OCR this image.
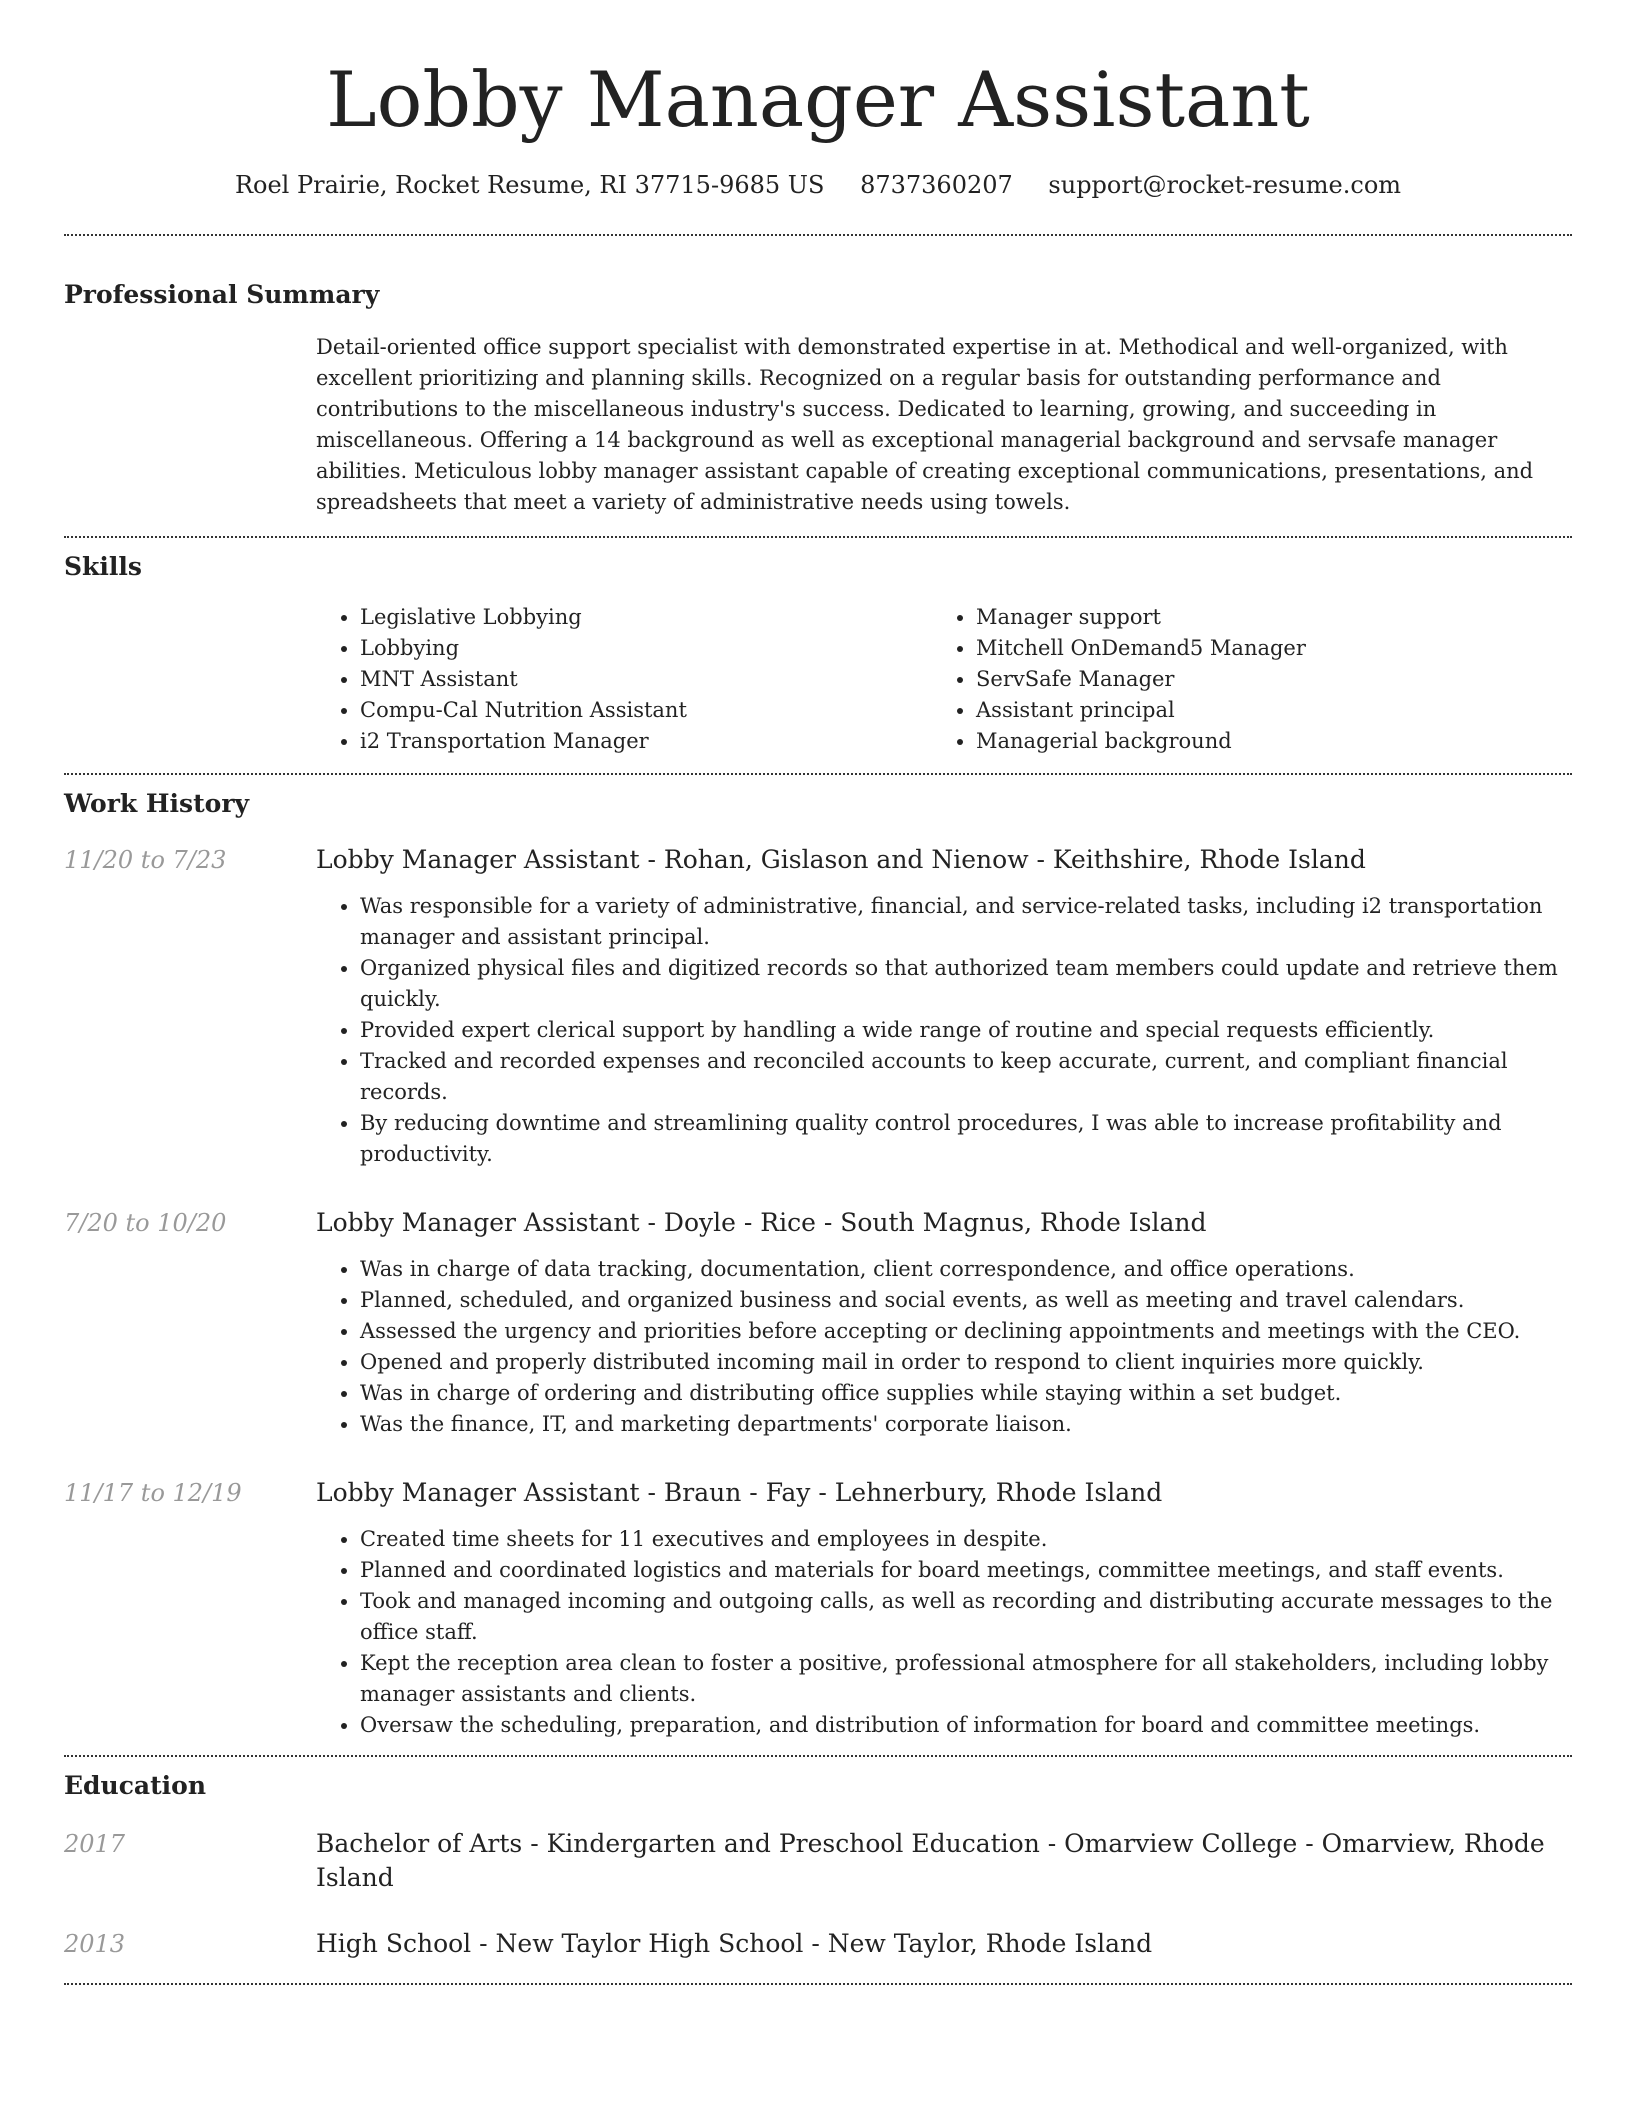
Lobby Manager Assistant
Roel Prairie, Rocket Resume, RI 37715-9685 US 8737360207 support@rocket-resume.com
Professional Summary
Detail-oriented office support specialist with demonstrated expertise in at. Methodical and well-organized, with excellent prioritizing and planning skills. Recognized on a regular basis for outstanding performance and contributions to the miscellaneous industry's success. Dedicated to learning, growing, and succeeding in miscellaneous. Offering a 14 background as well as exceptional managerial background and servsafe manager abilities. Meticulous lobby manager assistant capable of creating exceptional communications, presentations, and spreadsheets that meet a variety of administrative needs using towels.
Skills
• Legislative Lobbying
• Lobbying
• MNT Assistant
• Compu-Cal Nutrition Assistant
• i2 Transportation Manager
• Manager support
• Mitchell OnDemand5 Manager
• ServSafe Manager
• Assistant principal
• Managerial background
Work History
11/20 to 7/23	Lobby Manager Assistant - Rohan, Gislason and Nienow - Keithshire, Rhode Island
• Was responsible for a variety of administrative, financial, and service-related tasks, including i2 transportation manager and assistant principal.
• Organized physical files and digitized records so that authorized team members could update and retrieve them quickly.
• Provided expert clerical support by handling a wide range of routine and special requests efficiently.
• Tracked and recorded expenses and reconciled accounts to keep accurate, current, and compliant financial records.
• By reducing downtime and streamlining quality control procedures, I was able to increase profitability and productivity.
7/20 to 10/20	Lobby Manager Assistant - Doyle - Rice - South Magnus, Rhode Island
• Was in charge of data tracking, documentation, client correspondence, and office operations.
• Planned, scheduled, and organized business and social events, as well as meeting and travel calendars.
• Assessed the urgency and priorities before accepting or declining appointments and meetings with the CEO.
• Opened and properly distributed incoming mail in order to respond to client inquiries more quickly.
• Was in charge of ordering and distributing office supplies while staying within a set budget.
• Was the finance, IT, and marketing departments' corporate liaison.
11/17 to 12/19	Lobby Manager Assistant - Braun - Fay - Lehnerbury, Rhode Island
• Created time sheets for 11 executives and employees in despite.
• Planned and coordinated logistics and materials for board meetings, committee meetings, and staff events.
• Took and managed incoming and outgoing calls, as well as recording and distributing accurate messages to the office staff.
• Kept the reception area clean to foster a positive, professional atmosphere for all stakeholders, including lobby manager assistants and clients.
• Oversaw the scheduling, preparation, and distribution of information for board and committee meetings.
Education
2017	Bachelor of Arts - Kindergarten and Preschool Education - Omarview College - Omarview, Rhode Island
2013	High School - New Taylor High School - New Taylor, Rhode Island
